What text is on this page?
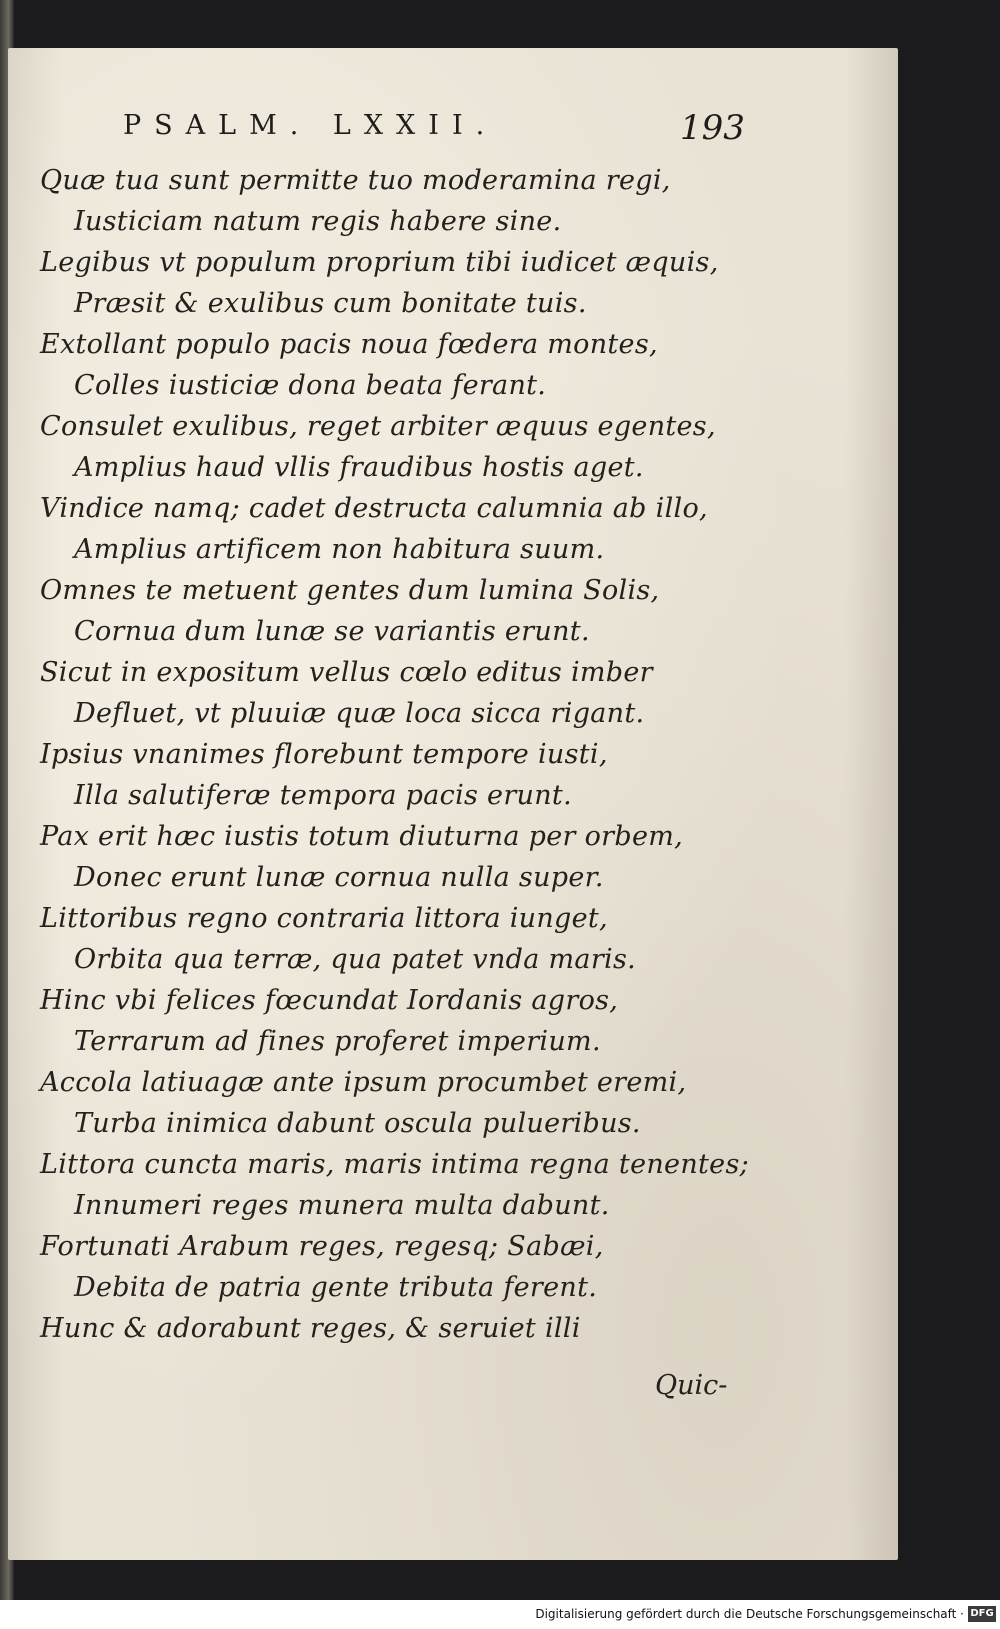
PSALM. LXXII.	193
Quæ tua sunt permitte tuo moderamina regi,
Iusticiam natum regis habere sine.
Legibus vt populum proprium tibi iudicet æquis,
Præsit & exulibus cum bonitate tuis.
Extollant populo pacis noua fœdera montes,
Colles iusticiæ dona beata ferant.
Consulet exulibus, reget arbiter æquus egentes,
Amplius haud vllis fraudibus hostis aget.
Vindice namq; cadet destructa calumnia ab illo,
Amplius artificem non habitura suum.
Omnes te metuent gentes dum lumina Solis,
Cornua dum lunæ se variantis erunt.
Sicut in expositum vellus cœlo editus imber
Defluet, vt pluuiæ quæ loca sicca rigant.
Ipsius vnanimes florebunt tempore iusti,
Illa salutiferæ tempora pacis erunt.
Pax erit hæc iustis totum diuturna per orbem,
Donec erunt lunæ cornua nulla super.
Littoribus regno contraria littora iunget,
Orbita qua terræ, qua patet vnda maris.
Hinc vbi felices fœcundat Iordanis agros,
Terrarum ad fines proferet imperium.
Accola latiuagæ ante ipsum procumbet eremi,
Turba inimica dabunt oscula pulueribus.
Littora cuncta maris, maris intima regna tenentes;
Innumeri reges munera multa dabunt.
Fortunati Arabum reges, regesq; Sabæi,
Debita de patria gente tributa ferent.
Hunc & adorabunt reges, & seruiet illi
Quic-
Digitalisierung gefördert durch die Deutsche Forschungsgemeinschaft · DFG
